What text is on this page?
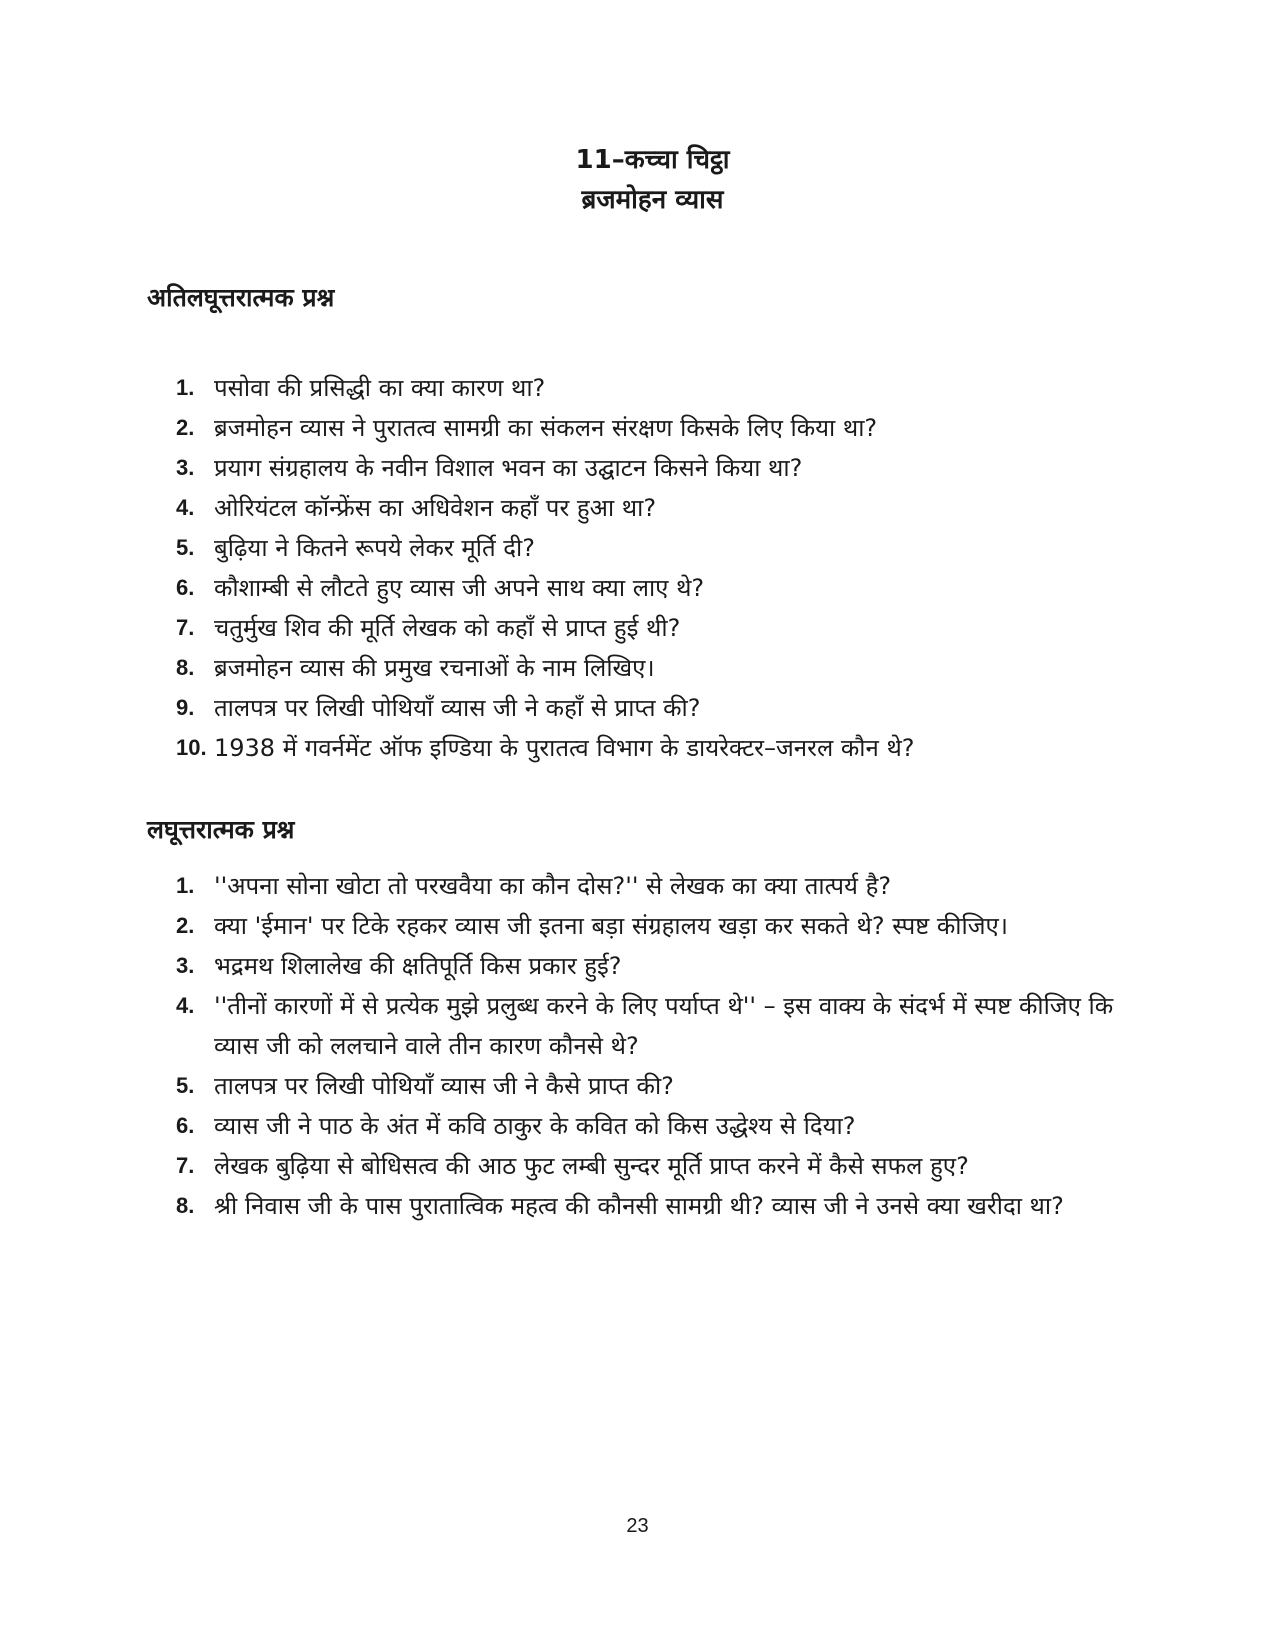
11–कच्चा चिट्ठा
ब्रजमोहन व्यास
अतिलघूत्तरात्मक प्रश्न
1. पसोवा की प्रसिद्धी का क्या कारण था?
2. ब्रजमोहन व्यास ने पुरातत्व सामग्री का संकलन संरक्षण किसके लिए किया था?
3. प्रयाग संग्रहालय के नवीन विशाल भवन का उद्घाटन किसने किया था?
4. ओरियंटल कॉन्फ्रेंस का अधिवेशन कहाँ पर हुआ था?
5. बुढ़िया ने कितने रूपये लेकर मूर्ति दी?
6. कौशाम्बी से लौटते हुए व्यास जी अपने साथ क्या लाए थे?
7. चतुर्मुख शिव की मूर्ति लेखक को कहाँ से प्राप्त हुई थी?
8. ब्रजमोहन व्यास की प्रमुख रचनाओं के नाम लिखिए।
9. तालपत्र पर लिखी पोथियाँ व्यास जी ने कहाँ से प्राप्त की?
10. 1938 में गवर्नमेंट ऑफ इण्डिया के पुरातत्व विभाग के डायरेक्टर–जनरल कौन थे?
लघूत्तरात्मक प्रश्न
1. ''अपना सोना खोटा तो परखवैया का कौन दोस?'' से लेखक का क्या तात्पर्य है?
2. क्या 'ईमान' पर टिके रहकर व्यास जी इतना बड़ा संग्रहालय खड़ा कर सकते थे? स्पष्ट कीजिए।
3. भद्रमथ शिलालेख की क्षतिपूर्ति किस प्रकार हुई?
4. ''तीनों कारणों में से प्रत्येक मुझे प्रलुब्ध करने के लिए पर्याप्त थे'' – इस वाक्य के संदर्भ में स्पष्ट कीजिए कि व्यास जी को ललचाने वाले तीन कारण कौनसे थे?
5. तालपत्र पर लिखी पोथियाँ व्यास जी ने कैसे प्राप्त की?
6. व्यास जी ने पाठ के अंत में कवि ठाकुर के कवित को किस उद्धेश्य से दिया?
7. लेखक बुढ़िया से बोधिसत्व की आठ फुट लम्बी सुन्दर मूर्ति प्राप्त करने में कैसे सफल हुए?
8. श्री निवास जी के पास पुरातात्विक महत्व की कौनसी सामग्री थी? व्यास जी ने उनसे क्या खरीदा था?
23
